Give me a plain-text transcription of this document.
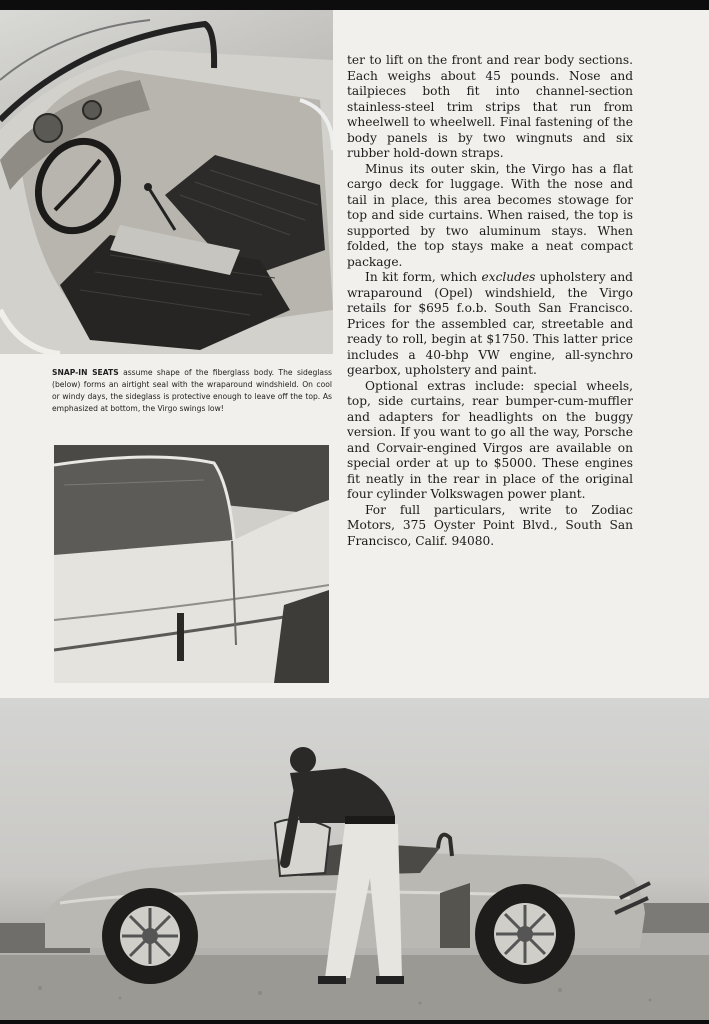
SNAP-IN SEATS assume shape of the fiberglass body. The sideglass (below) forms an airtight seal with the wraparound windshield. On cool or windy days, the sideglass is protective enough to leave off the top. As emphasized at bottom, the Virgo swings low!

ter to lift on the front and rear body sections. Each weighs about 45 pounds. Nose and tailpieces both fit into channel-section stainless-steel trim strips that run from wheelwell to wheelwell. Final fastening of the body panels is by two wingnuts and six rubber hold-down straps.

Minus its outer skin, the Virgo has a flat cargo deck for luggage. With the nose and tail in place, this area becomes stowage for top and side curtains. When raised, the top is supported by two aluminum stays. When folded, the top stays make a neat compact package.

In kit form, which excludes upholstery and wraparound (Opel) windshield, the Virgo retails for $695 f.o.b. South San Francisco. Prices for the assembled car, streetable and ready to roll, begin at $1750. This latter price includes a 40-bhp VW engine, all-synchro gearbox, upholstery and paint.

Optional extras include: special wheels, top, side curtains, rear bumper-cum-muffler and adapters for headlights on the buggy version. If you want to go all the way, Porsche and Corvair-engined Virgos are available on special order at up to $5000. These engines fit neatly in the rear in place of the original four cylinder Volkswagen power plant.

For full particulars, write to Zodiac Motors, 375 Oyster Point Blvd., South San Francisco, Calif. 94080.
